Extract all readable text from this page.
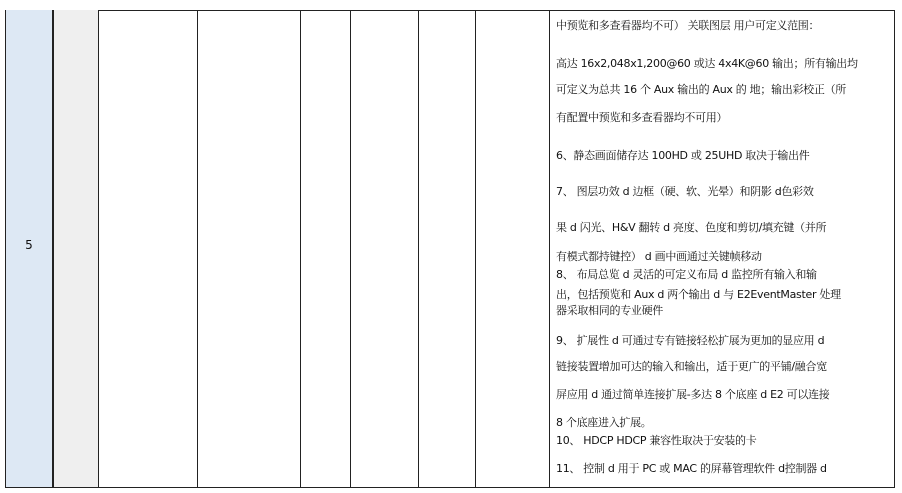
5
中预览和多查看器均不可） 关联图层 用户可定义范围：
高达 16x2,048x1,200@60 或达 4x4K@60 输出；所有输出均
可定义为总共 16 个 Aux 输出的 Aux 的 地；输出彩校正（所
有配置中预览和多查看器均不可用）
6、静态画面储存达 100HD 或 25UHD 取决于输出件
7、 图层功效 d 边框（硬、软、光晕）和阴影 d色彩效
果 d 闪光、H&V 翻转 d 亮度、色度和剪切/填充键（并所
有模式都持键控） d 画中画通过关键帧移动
8、 布局总览 d 灵活的可定义布局 d 监控所有输入和输
出，包括预览和 Aux d 两个输出 d 与 E2EventMaster 处理
器采取相同的专业硬件
9、 扩展性 d 可通过专有链接轻松扩展为更加的显应用 d
链接装置增加可达的输入和输出，适于更广的平铺/融合宽
屏应用 d 通过简单连接扩展-多达 8 个底座 d E2 可以连接
8 个底座进入扩展。
10、 HDCP HDCP 兼容性取决于安装的卡
11、 控制 d 用于 PC 或 MAC 的屏幕管理软件 d控制器 d
